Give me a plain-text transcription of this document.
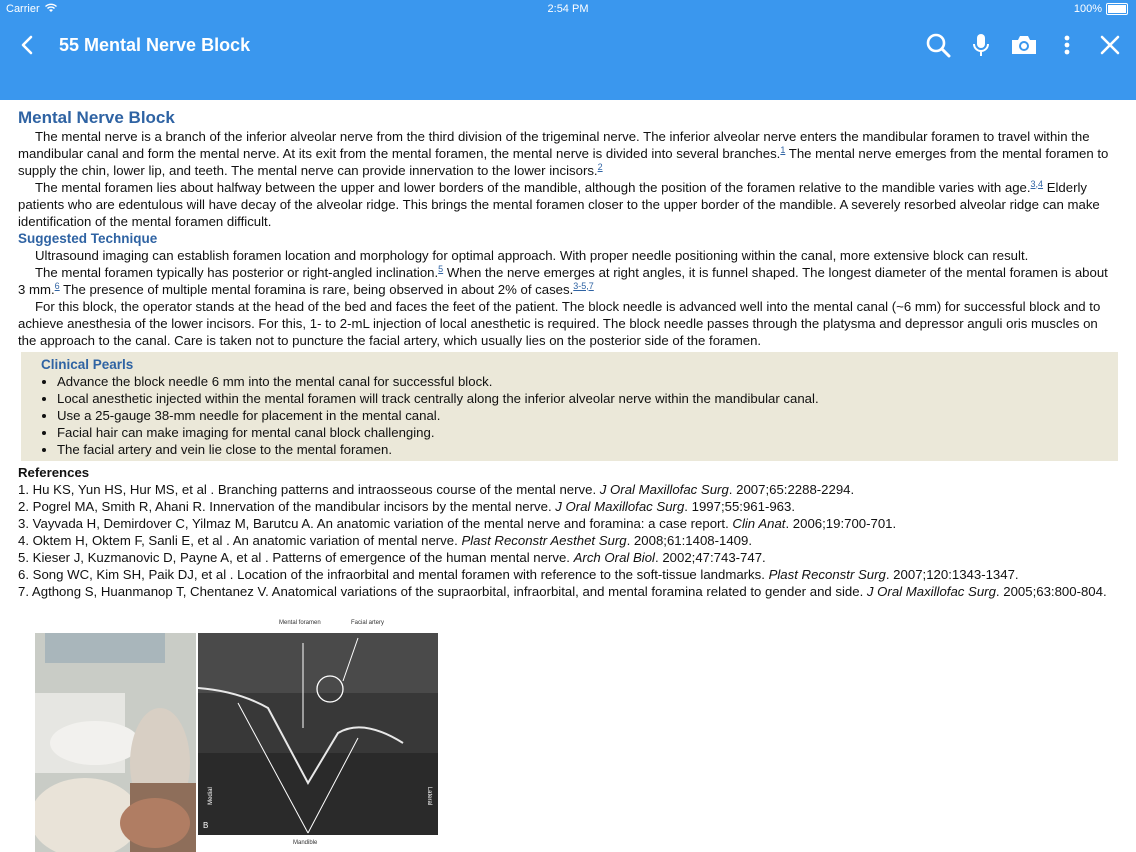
Carrier	2:54 PM	100%
55 Mental Nerve Block
Mental Nerve Block

The mental nerve is a branch of the inferior alveolar nerve from the third division of the trigeminal nerve. The inferior alveolar nerve enters the mandibular foramen to travel within the mandibular canal and form the mental nerve. At its exit from the mental foramen, the mental nerve is divided into several branches.$^1$ The mental nerve emerges from the mental foramen to supply the chin, lower lip, and teeth. The mental nerve can provide innervation to the lower incisors.$^2$

The mental foramen lies about halfway between the upper and lower borders of the mandible, although the position of the foramen relative to the mandible varies with age.$^{3,4}$ Elderly patients who are edentulous will have decay of the alveolar ridge. This brings the mental foramen closer to the upper border of the mandible. A severely resorbed alveolar ridge can make identification of the mental foramen difficult.

Suggested Technique

Ultrasound imaging can establish foramen location and morphology for optimal approach. With proper needle positioning within the canal, more extensive block can result.

The mental foramen typically has posterior or right-angled inclination.$^5$ When the nerve emerges at right angles, it is funnel shaped. The longest diameter of the mental foramen is about 3 mm.$^6$ The presence of multiple mental foramina is rare, being observed in about 2% of cases.$^{3-5,7}$

For this block, the operator stands at the head of the bed and faces the feet of the patient. The block needle is advanced well into the mental canal (~6 mm) for successful block and to achieve anesthesia of the lower incisors. For this, 1- to 2-mL injection of local anesthetic is required. The block needle passes through the platysma and depressor anguli oris muscles on the approach to the canal. Care is taken not to puncture the facial artery, which usually lies on the posterior side of the foramen.

Clinical Pearls
• Advance the block needle 6 mm into the mental canal for successful block.
• Local anesthetic injected within the mental foramen will track centrally along the inferior alveolar nerve within the mandibular canal.
• Use a 25-gauge 38-mm needle for placement in the mental canal.
• Facial hair can make imaging for mental canal block challenging.
• The facial artery and vein lie close to the mental foramen.

References

1. Hu KS, Yun HS, Hur MS, et al . Branching patterns and intraosseous course of the mental nerve. J Oral Maxillofac Surg. 2007;65:2288-2294.

2. Pogrel MA, Smith R, Ahani R. Innervation of the mandibular incisors by the mental nerve. J Oral Maxillofac Surg. 1997;55:961-963.

3. Vayvada H, Demirdover C, Yilmaz M, Barutcu A. An anatomic variation of the mental nerve and foramina: a case report. Clin Anat. 2006;19:700-701.

4. Oktem H, Oktem F, Sanli E, et al . An anatomic variation of mental nerve. Plast Reconstr Aesthet Surg. 2008;61:1408-1409.

5. Kieser J, Kuzmanovic D, Payne A, et al . Patterns of emergence of the human mental nerve. Arch Oral Biol. 2002;47:743-747.

6. Song WC, Kim SH, Paik DJ, et al . Location of the infraorbital and mental foramen with reference to the soft-tissue landmarks. Plast Reconstr Surg. 2007;120:1343-1347.

7. Agthong S, Huanmanop T, Chentanez V. Anatomical variations of the supraorbital, infraorbital, and mental foramina related to gender and side. J Oral Maxillofac Surg. 2005;63:800-804.

Mental foramen	Facial artery
Medial	Lateral
B
Mandible
